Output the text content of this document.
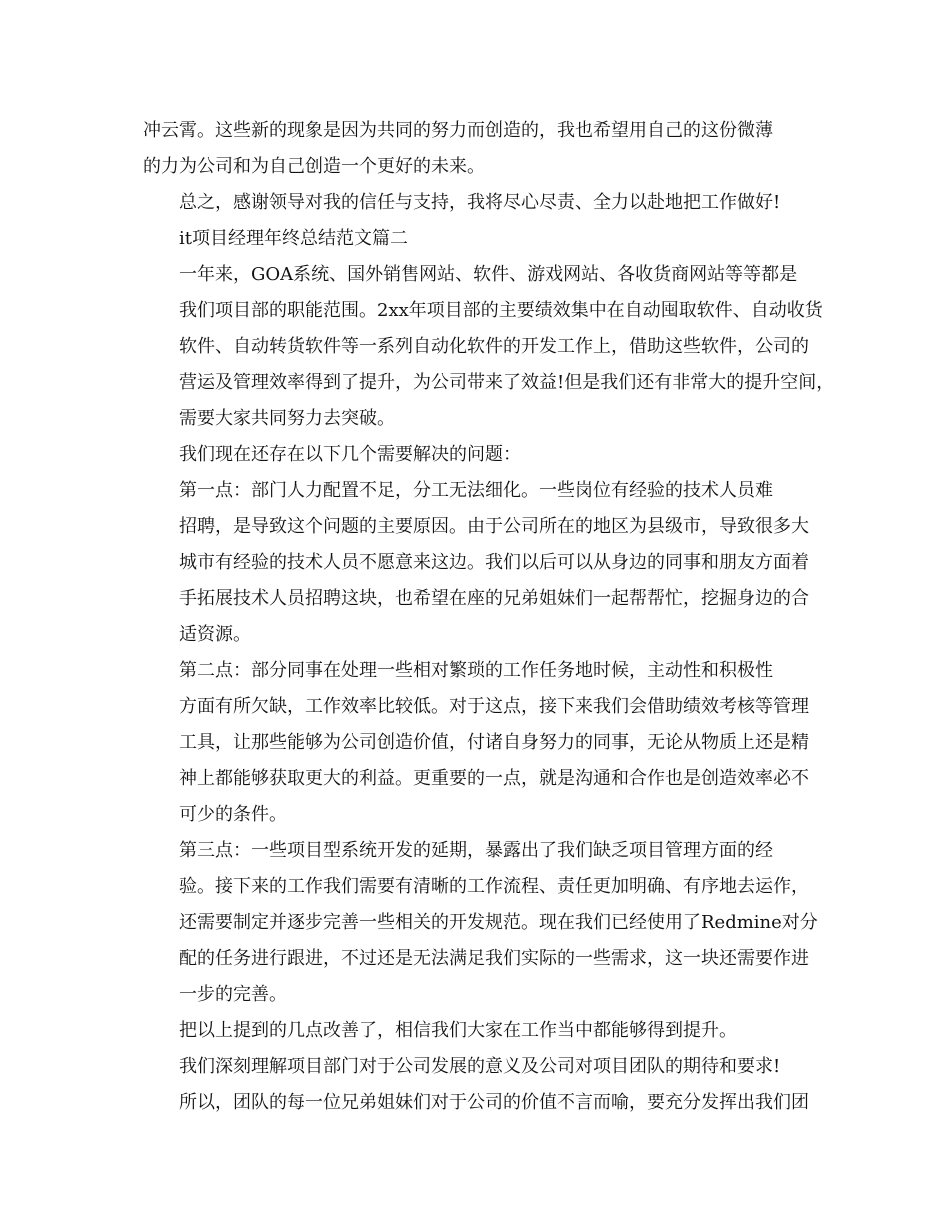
冲云霄。这些新的现象是因为共同的努力而创造的，我也希望用自己的这份微薄
的力为公司和为自己创造一个更好的未来。

总之，感谢领导对我的信任与支持，我将尽心尽责、全力以赴地把工作做好!

it项目经理年终总结范文篇二

一年来，GOA系统、国外销售网站、软件、游戏网站、各收货商网站等等都是
我们项目部的职能范围。2xx年项目部的主要绩效集中在自动囤取软件、自动收货
软件、自动转货软件等一系列自动化软件的开发工作上，借助这些软件，公司的
营运及管理效率得到了提升，为公司带来了效益!但是我们还有非常大的提升空间，
需要大家共同努力去突破。

我们现在还存在以下几个需要解决的问题：

第一点：部门人力配置不足，分工无法细化。一些岗位有经验的技术人员难
招聘，是导致这个问题的主要原因。由于公司所在的地区为县级市，导致很多大
城市有经验的技术人员不愿意来这边。我们以后可以从身边的同事和朋友方面着
手拓展技术人员招聘这块，也希望在座的兄弟姐妹们一起帮帮忙，挖掘身边的合
适资源。

第二点：部分同事在处理一些相对繁琐的工作任务地时候，主动性和积极性
方面有所欠缺，工作效率比较低。对于这点，接下来我们会借助绩效考核等管理
工具，让那些能够为公司创造价值，付诸自身努力的同事，无论从物质上还是精
神上都能够获取更大的利益。更重要的一点，就是沟通和合作也是创造效率必不
可少的条件。

第三点：一些项目型系统开发的延期，暴露出了我们缺乏项目管理方面的经
验。接下来的工作我们需要有清晰的工作流程、责任更加明确、有序地去运作，
还需要制定并逐步完善一些相关的开发规范。现在我们已经使用了Redmine对分
配的任务进行跟进，不过还是无法满足我们实际的一些需求，这一块还需要作进
一步的完善。

把以上提到的几点改善了，相信我们大家在工作当中都能够得到提升。

我们深刻理解项目部门对于公司发展的意义及公司对项目团队的期待和要求!
所以，团队的每一位兄弟姐妹们对于公司的价值不言而喻，要充分发挥出我们团
